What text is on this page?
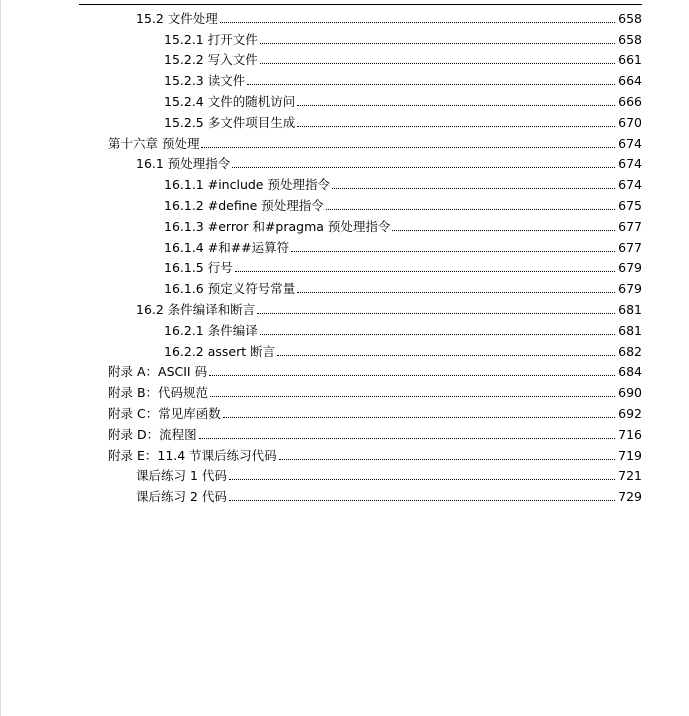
15.2 文件处理	658
15.2.1 打开文件	658
15.2.2 写入文件	661
15.2.3 读文件	664
15.2.4 文件的随机访问	666
15.2.5 多文件项目生成	670
第十六章 预处理	674
16.1 预处理指令	674
16.1.1 #include 预处理指令	674
16.1.2 #define 预处理指令	675
16.1.3 #error 和#pragma 预处理指令	677
16.1.4 #和##运算符	677
16.1.5 行号	679
16.1.6 预定义符号常量	679
16.2 条件编译和断言	681
16.2.1 条件编译	681
16.2.2 assert 断言	682
附录 A：ASCII 码	684
附录 B：代码规范	690
附录 C：常见库函数	692
附录 D：流程图	716
附录 E：11.4 节课后练习代码	719
课后练习 1 代码	721
课后练习 2 代码	729
